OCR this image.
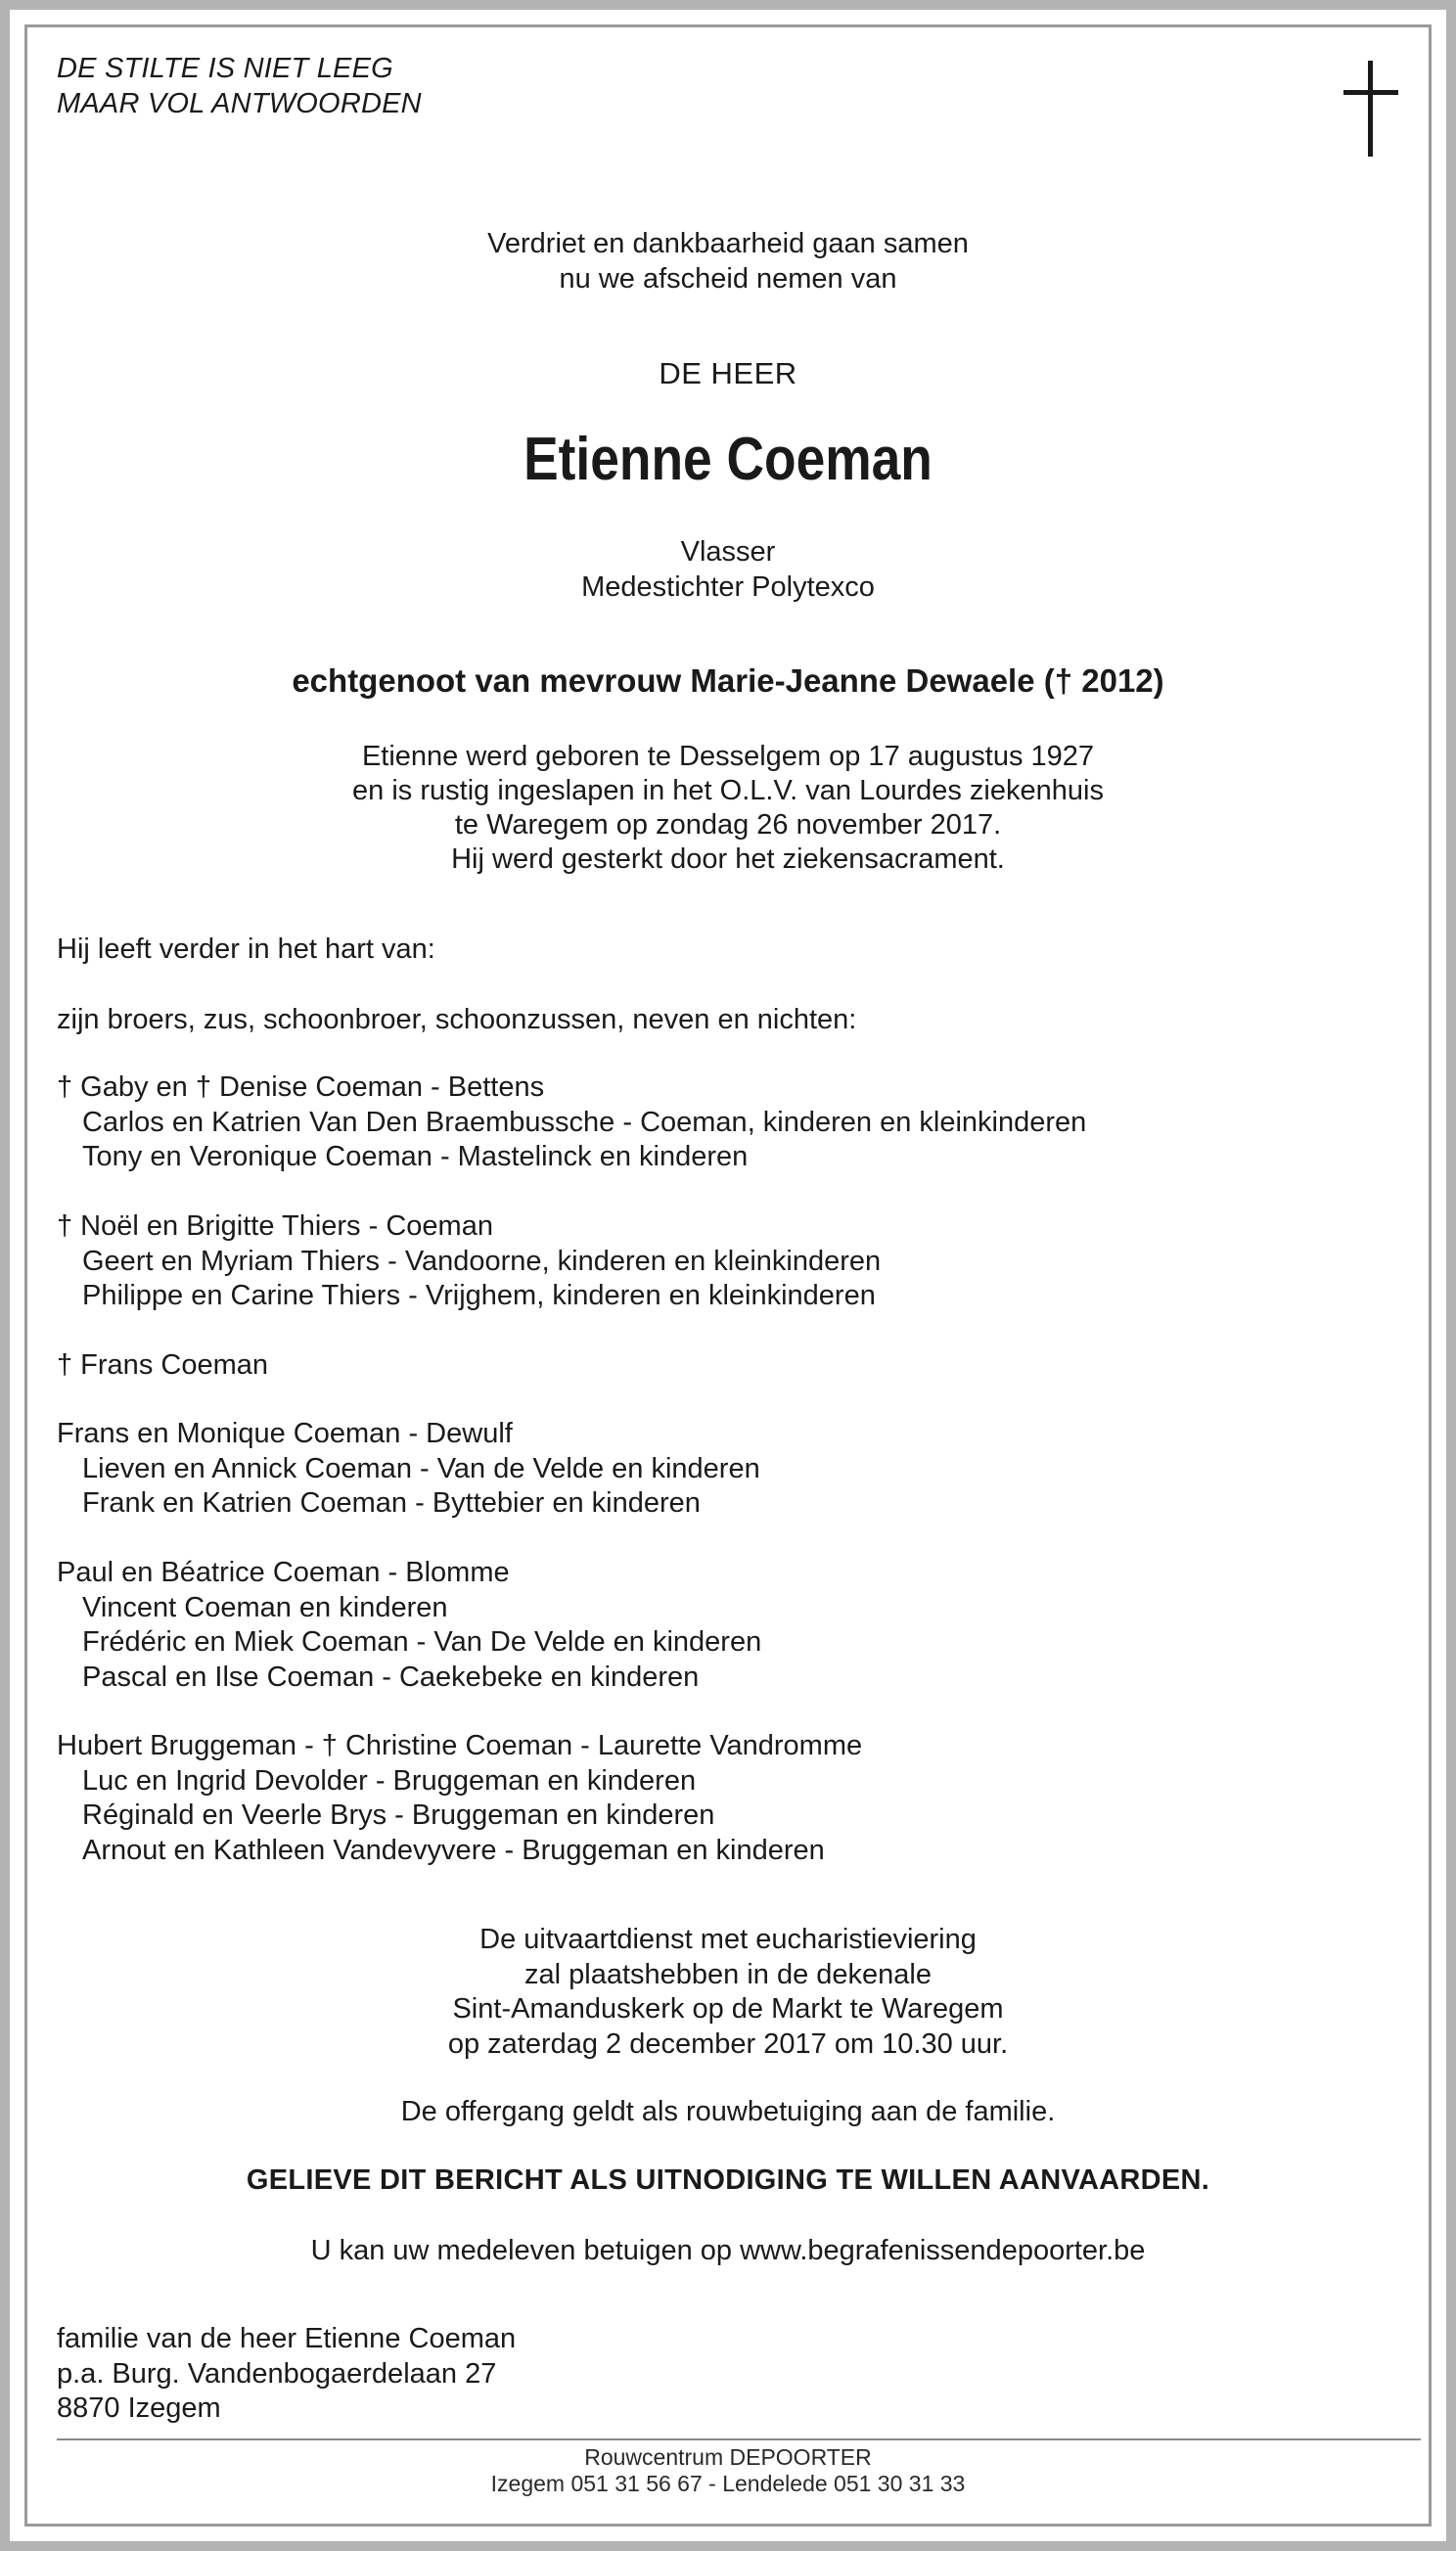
DE STILTE IS NIET LEEG
MAAR VOL ANTWOORDEN
Verdriet en dankbaarheid gaan samen
nu we afscheid nemen van
DE HEER
Etienne Coeman
Vlasser
Medestichter Polytexco
echtgenoot van mevrouw Marie-Jeanne Dewaele († 2012)
Etienne werd geboren te Desselgem op 17 augustus 1927
en is rustig ingeslapen in het O.L.V. van Lourdes ziekenhuis
te Waregem op zondag 26 november 2017.
Hij werd gesterkt door het ziekensacrament.
Hij leeft verder in het hart van:
zijn broers, zus, schoonbroer, schoonzussen, neven en nichten:
† Gaby en † Denise Coeman - Bettens
Carlos en Katrien Van Den Braembussche - Coeman, kinderen en kleinkinderen
Tony en Veronique Coeman - Mastelinck en kinderen
† Noël en Brigitte Thiers - Coeman
Geert en Myriam Thiers - Vandoorne, kinderen en kleinkinderen
Philippe en Carine Thiers - Vrijghem, kinderen en kleinkinderen
† Frans Coeman
Frans en Monique Coeman - Dewulf
Lieven en Annick Coeman - Van de Velde en kinderen
Frank en Katrien Coeman - Byttebier en kinderen
Paul en Béatrice Coeman - Blomme
Vincent Coeman en kinderen
Frédéric en Miek Coeman - Van De Velde en kinderen
Pascal en Ilse Coeman - Caekebeke en kinderen
Hubert Bruggeman - † Christine Coeman - Laurette Vandromme
Luc en Ingrid Devolder - Bruggeman en kinderen
Réginald en Veerle Brys - Bruggeman en kinderen
Arnout en Kathleen Vandevyvere - Bruggeman en kinderen
De uitvaartdienst met eucharistieviering
zal plaatshebben in de dekenale
Sint-Amanduskerk op de Markt te Waregem
op zaterdag 2 december 2017 om 10.30 uur.
De offergang geldt als rouwbetuiging aan de familie.
GELIEVE DIT BERICHT ALS UITNODIGING TE WILLEN AANVAARDEN.
U kan uw medeleven betuigen op www.begrafenissendepoorter.be
familie van de heer Etienne Coeman
p.a. Burg. Vandenbogaerdelaan 27
8870 Izegem
Rouwcentrum DEPOORTER
Izegem 051 31 56 67 - Lendelede 051 30 31 33
